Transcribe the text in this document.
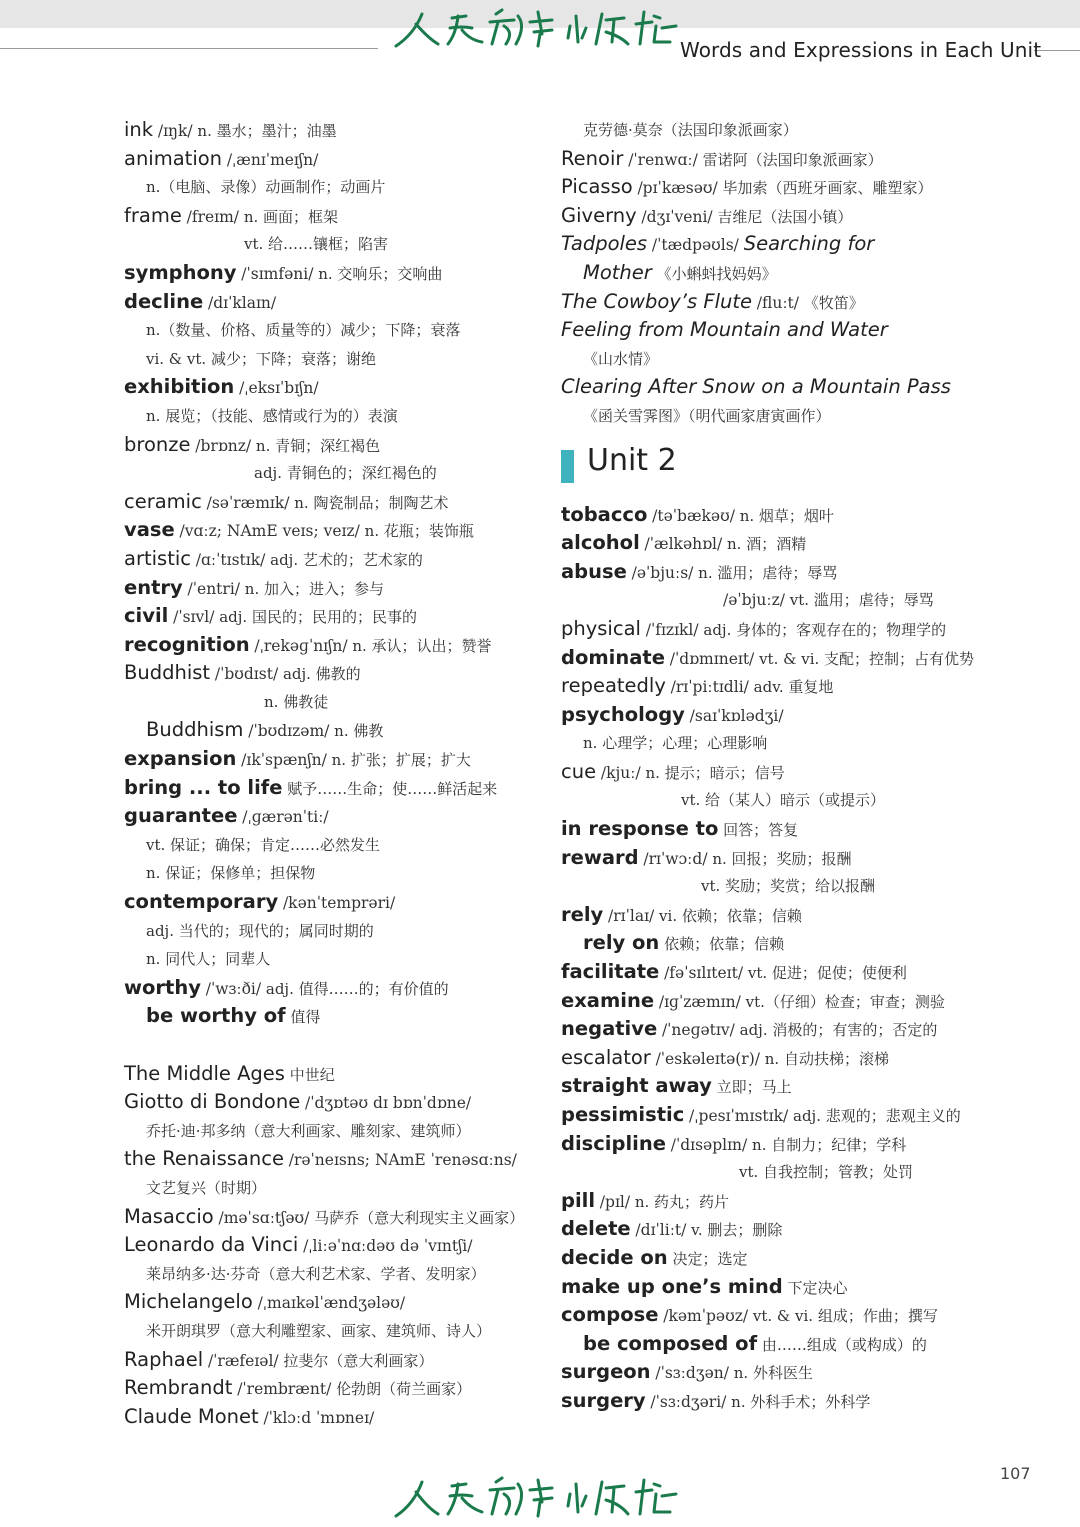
Words and Expressions in Each Unit
ink /ɪŋk/ n. 墨水；墨汁；油墨
animation /ˌænɪˈmeɪʃn/
n.（电脑、录像）动画制作；动画片
frame /freɪm/ n. 画面；框架
vt. 给……镶框；陷害
symphony /ˈsɪmfəni/ n. 交响乐；交响曲
decline /dɪˈklaɪn/
n.（数量、价格、质量等的）减少；下降；衰落
vi. & vt. 减少；下降；衰落；谢绝
exhibition /ˌeksɪˈbɪʃn/
n. 展览；（技能、感情或行为的）表演
bronze /brɒnz/ n. 青铜；深红褐色
adj. 青铜色的；深红褐色的
ceramic /səˈræmɪk/ n. 陶瓷制品；制陶艺术
vase /vɑːz; NAmE veɪs; veɪz/ n. 花瓶；装饰瓶
artistic /ɑːˈtɪstɪk/ adj. 艺术的；艺术家的
entry /ˈentri/ n. 加入；进入；参与
civil /ˈsɪvl/ adj. 国民的；民用的；民事的
recognition /ˌrekəɡˈnɪʃn/ n. 承认；认出；赞誉
Buddhist /ˈbʊdɪst/ adj. 佛教的
n. 佛教徒
Buddhism /ˈbʊdɪzəm/ n. 佛教
expansion /ɪkˈspænʃn/ n. 扩张；扩展；扩大
bring ... to life 赋予……生命；使……鲜活起来
guarantee /ˌɡærənˈtiː/
vt. 保证；确保；肯定……必然发生
n. 保证；保修单；担保物
contemporary /kənˈtemprəri/
adj. 当代的；现代的；属同时期的
n. 同代人；同辈人
worthy /ˈwɜːði/ adj. 值得……的；有价值的
be worthy of 值得
The Middle Ages 中世纪
Giotto di Bondone /ˈdʒɒtəʊ dɪ bɒnˈdɒne/
乔托·迪·邦多纳（意大利画家、雕刻家、建筑师）
the Renaissance /rəˈneɪsns; NAmE ˈrenəsɑːns/
文艺复兴（时期）
Masaccio /məˈsɑːtʃəʊ/ 马萨乔（意大利现实主义画家）
Leonardo da Vinci /ˌliːəˈnɑːdəʊ də ˈvɪntʃi/
莱昂纳多·达·芬奇（意大利艺术家、学者、发明家）
Michelangelo /ˌmaɪkəlˈændʒələʊ/
米开朗琪罗（意大利雕塑家、画家、建筑师、诗人）
Raphael /ˈræfeɪəl/ 拉斐尔（意大利画家）
Rembrandt /ˈrembrænt/ 伦勃朗（荷兰画家）
Claude Monet /ˈklɔːd ˈmɒneɪ/
克劳德·莫奈（法国印象派画家）
Renoir /ˈrenwɑː/ 雷诺阿（法国印象派画家）
Picasso /pɪˈkæsəʊ/ 毕加索（西班牙画家、雕塑家）
Giverny /dʒɪˈveni/ 吉维尼（法国小镇）
Tadpoles /ˈtædpəʊls/ Searching for
Mother 《小蝌蚪找妈妈》
The Cowboy’s Flute /fluːt/ 《牧笛》
Feeling from Mountain and Water
《山水情》
Clearing After Snow on a Mountain Pass
《函关雪霁图》（明代画家唐寅画作）
Unit 2
tobacco /təˈbækəʊ/ n. 烟草；烟叶
alcohol /ˈælkəhɒl/ n. 酒；酒精
abuse /əˈbjuːs/ n. 滥用；虐待；辱骂
/əˈbjuːz/ vt. 滥用；虐待；辱骂
physical /ˈfɪzɪkl/ adj. 身体的；客观存在的；物理学的
dominate /ˈdɒmɪneɪt/ vt. & vi. 支配；控制；占有优势
repeatedly /rɪˈpiːtɪdli/ adv. 重复地
psychology /saɪˈkɒlədʒi/
n. 心理学；心理；心理影响
cue /kjuː/ n. 提示；暗示；信号
vt. 给（某人）暗示（或提示）
in response to 回答；答复
reward /rɪˈwɔːd/ n. 回报；奖励；报酬
vt. 奖励；奖赏；给以报酬
rely /rɪˈlaɪ/ vi. 依赖；依靠；信赖
rely on 依赖；依靠；信赖
facilitate /fəˈsɪlɪteɪt/ vt. 促进；促使；使便利
examine /ɪɡˈzæmɪn/ vt.（仔细）检查；审查；测验
negative /ˈneɡətɪv/ adj. 消极的；有害的；否定的
escalator /ˈeskəleɪtə(r)/ n. 自动扶梯；滚梯
straight away 立即；马上
pessimistic /ˌpesɪˈmɪstɪk/ adj. 悲观的；悲观主义的
discipline /ˈdɪsəplɪn/ n. 自制力；纪律；学科
vt. 自我控制；管教；处罚
pill /pɪl/ n. 药丸；药片
delete /dɪˈliːt/ v. 删去；删除
decide on 决定；选定
make up one’s mind 下定决心
compose /kəmˈpəʊz/ vt. & vi. 组成；作曲；撰写
be composed of 由……组成（或构成）的
surgeon /ˈsɜːdʒən/ n. 外科医生
surgery /ˈsɜːdʒəri/ n. 外科手术；外科学
107
